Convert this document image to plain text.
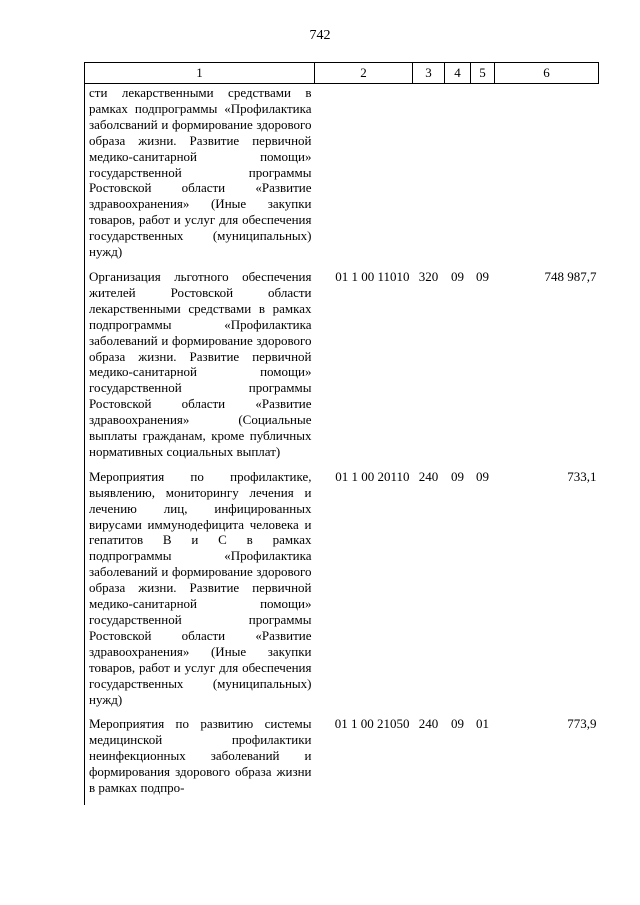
742
1	2	3	4	5	6

сти лекарственными средствами в рамках подпрограммы «Профилактика заболсваний и формирование здорового образа жизни. Развитие первичной медико-санитарной помощи» государственной программы Ростовской области «Развитие здравоохранения» (Иные закупки товаров, работ и услуг для обеспечения государственных (муниципальных) нужд)					

Организация льготного обеспечения жителей Ростовской области лекарственными средствами в рамках подпрограммы «Профилактика заболеваний и формирование здорового образа жизни. Развитие первичной медико-санитарной помощи» государственной программы Ростовской области «Развитие здравоохранения» (Социальные выплаты гражданам, кроме публичных нормативных социальных выплат)	01 1 00 11010	320	09	09	748 987,7

Мероприятия по профилактике, выявлению, мониторингу лечения и лечению лиц, инфицированных вирусами иммунодефицита человека и гепатитов В и С в рамках подпрограммы «Профилактика заболеваний и формирование здорового образа жизни. Развитие первичной медико-санитарной помощи» государственной программы Ростовской области «Развитие здравоохранения» (Иные закупки товаров, работ и услуг для обеспечения государственных (муниципальных) нужд)	01 1 00 20110	240	09	09	733,1

Мероприятия по развитию системы медицинской профилактики неинфекционных заболеваний и формирования здорового образа жизни в рамках подпро-	01 1 00 21050	240	09	01	773,9
